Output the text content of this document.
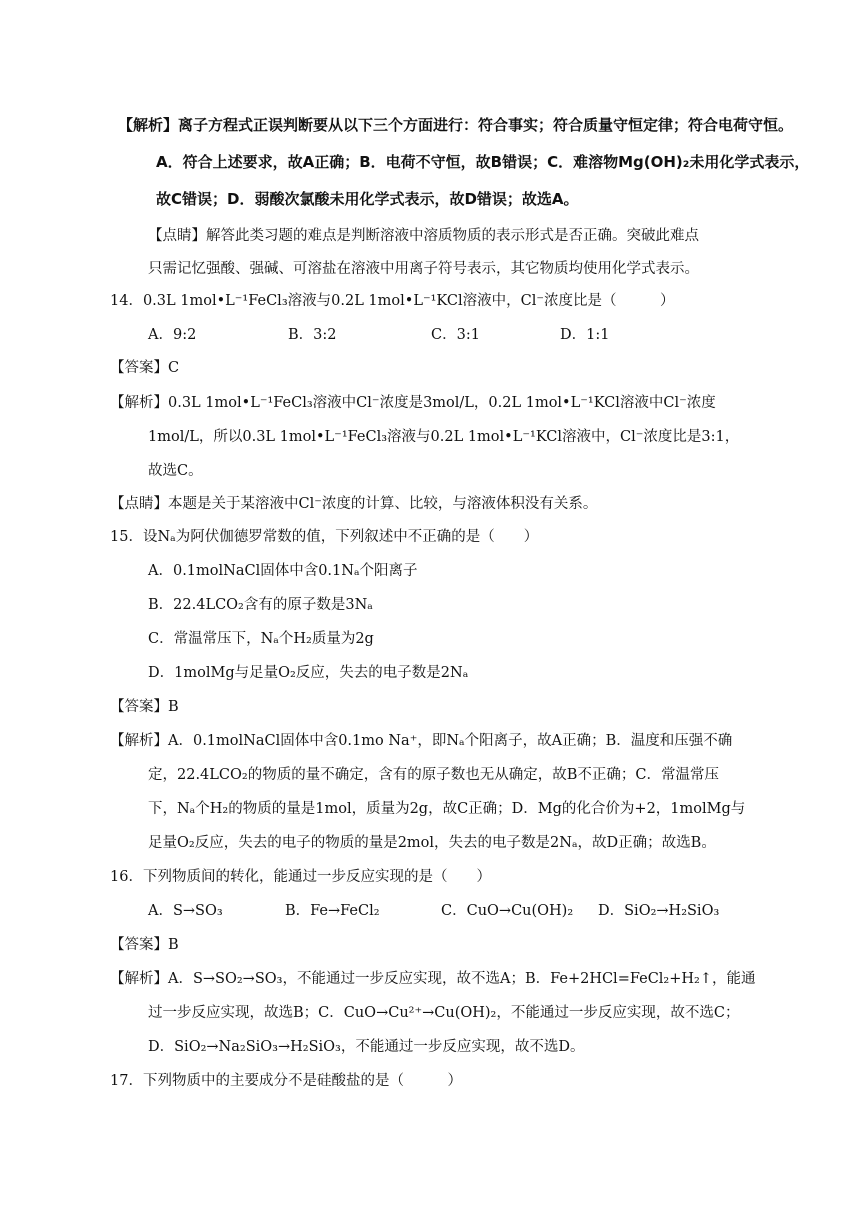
【解析】离子方程式正误判断要从以下三个方面进行：符合事实；符合质量守恒定律；符合电荷守恒。
A．符合上述要求，故A正确；B．电荷不守恒，故B错误；C．难溶物Mg(OH)₂未用化学式表示，
故C错误；D．弱酸次氯酸未用化学式表示，故D错误；故选A。
【点睛】解答此类习题的难点是判断溶液中溶质物质的表示形式是否正确。突破此难点
只需记忆强酸、强碱、可溶盐在溶液中用离子符号表示，其它物质均使用化学式表示。
14．0.3L 1mol•L⁻¹FeCl₃溶液与0.2L 1mol•L⁻¹KCl溶液中，Cl⁻浓度比是（　　　）
A．9:2	B．3:2	C．3:1	D．1:1
【答案】C
【解析】0.3L 1mol•L⁻¹FeCl₃溶液中Cl⁻浓度是3mol/L，0.2L 1mol•L⁻¹KCl溶液中Cl⁻浓度
1mol/L，所以0.3L 1mol•L⁻¹FeCl₃溶液与0.2L 1mol•L⁻¹KCl溶液中，Cl⁻浓度比是3:1，
故选C。
【点睛】本题是关于某溶液中Cl⁻浓度的计算、比较，与溶液体积没有关系。
15．设Nₐ为阿伏伽德罗常数的值，下列叙述中不正确的是（　　）
A．0.1molNaCl固体中含0.1Nₐ个阳离子
B．22.4LCO₂含有的原子数是3Nₐ
C．常温常压下，Nₐ个H₂质量为2g
D．1molMg与足量O₂反应，失去的电子数是2Nₐ
【答案】B
【解析】A．0.1molNaCl固体中含0.1mo Na⁺，即Nₐ个阳离子，故A正确；B．温度和压强不确
定，22.4LCO₂的物质的量不确定，含有的原子数也无从确定，故B不正确；C．常温常压
下，Nₐ个H₂的物质的量是1mol，质量为2g，故C正确；D．Mg的化合价为+2，1molMg与
足量O₂反应，失去的电子的物质的量是2mol，失去的电子数是2Nₐ，故D正确；故选B。
16．下列物质间的转化，能通过一步反应实现的是（　　）
A．S→SO₃	B．Fe→FeCl₂	C．CuO→Cu(OH)₂ D．SiO₂→H₂SiO₃
【答案】B
【解析】A．S→SO₂→SO₃，不能通过一步反应实现，故不选A；B．Fe+2HCl=FeCl₂+H₂↑，能通
过一步反应实现，故选B；C．CuO→Cu²⁺→Cu(OH)₂，不能通过一步反应实现，故不选C；
D．SiO₂→Na₂SiO₃→H₂SiO₃，不能通过一步反应实现，故不选D。
17．下列物质中的主要成分不是硅酸盐的是（　　　）
